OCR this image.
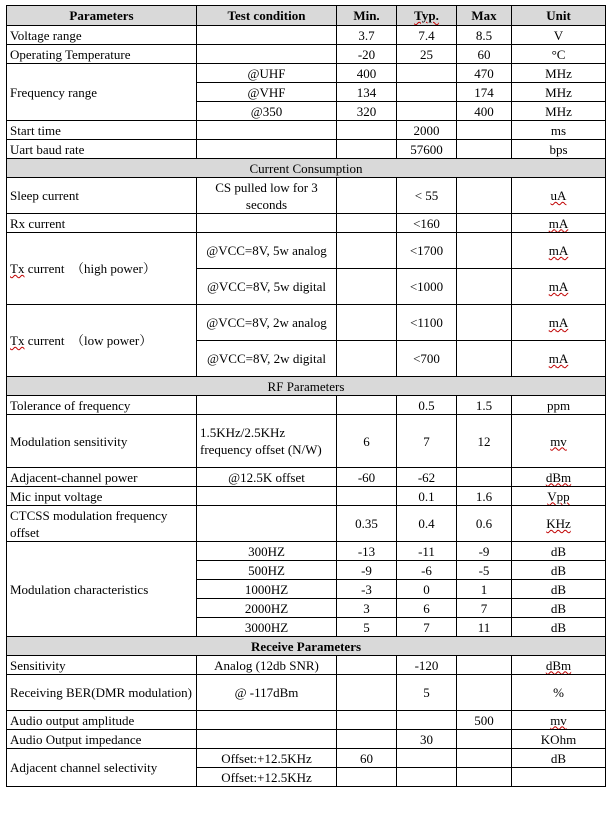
Parameters	Test condition	Min.	Typ.	Max	Unit
Voltage range		3.7	7.4	8.5	V
Operating Temperature		-20	25	60	°C
Frequency range	@UHF	400		470	MHz
	@VHF	134		174	MHz
	@350	320		400	MHz
Start time			2000		ms
Uart baud rate			57600		bps
Current Consumption					
Sleep current	CS pulled low for 3 seconds		< 55		uA
Rx current			<160		mA
Tx current  （high power）	@VCC=8V, 5w analog		<1700		mA
	@VCC=8V, 5w digital		<1000		mA
Tx current  （low power）	@VCC=8V, 2w analog		<1100		mA
	@VCC=8V, 2w digital		<700		mA
RF Parameters					
Tolerance of frequency			0.5	1.5	ppm
Modulation sensitivity	1.5KHz/2.5KHz frequency offset (N/W)	6	7	12	mv
Adjacent-channel power	@12.5K offset	-60	-62		dBm
Mic input voltage			0.1	1.6	Vpp
CTCSS modulation frequency offset		0.35	0.4	0.6	KHz
Modulation characteristics	300HZ	-13	-11	-9	dB
	500HZ	-9	-6	-5	dB
	1000HZ	-3	0	1	dB
	2000HZ	3	6	7	dB
	3000HZ	5	7	11	dB
Receive Parameters					
Sensitivity	Analog (12db SNR)		-120		dBm
Receiving BER(DMR modulation)	@ -117dBm		5		%
Audio output amplitude				500	mv
Audio Output impedance			30		KOhm
Adjacent channel selectivity	Offset:+12.5KHz	60			dB
	Offset:+12.5KHz				
